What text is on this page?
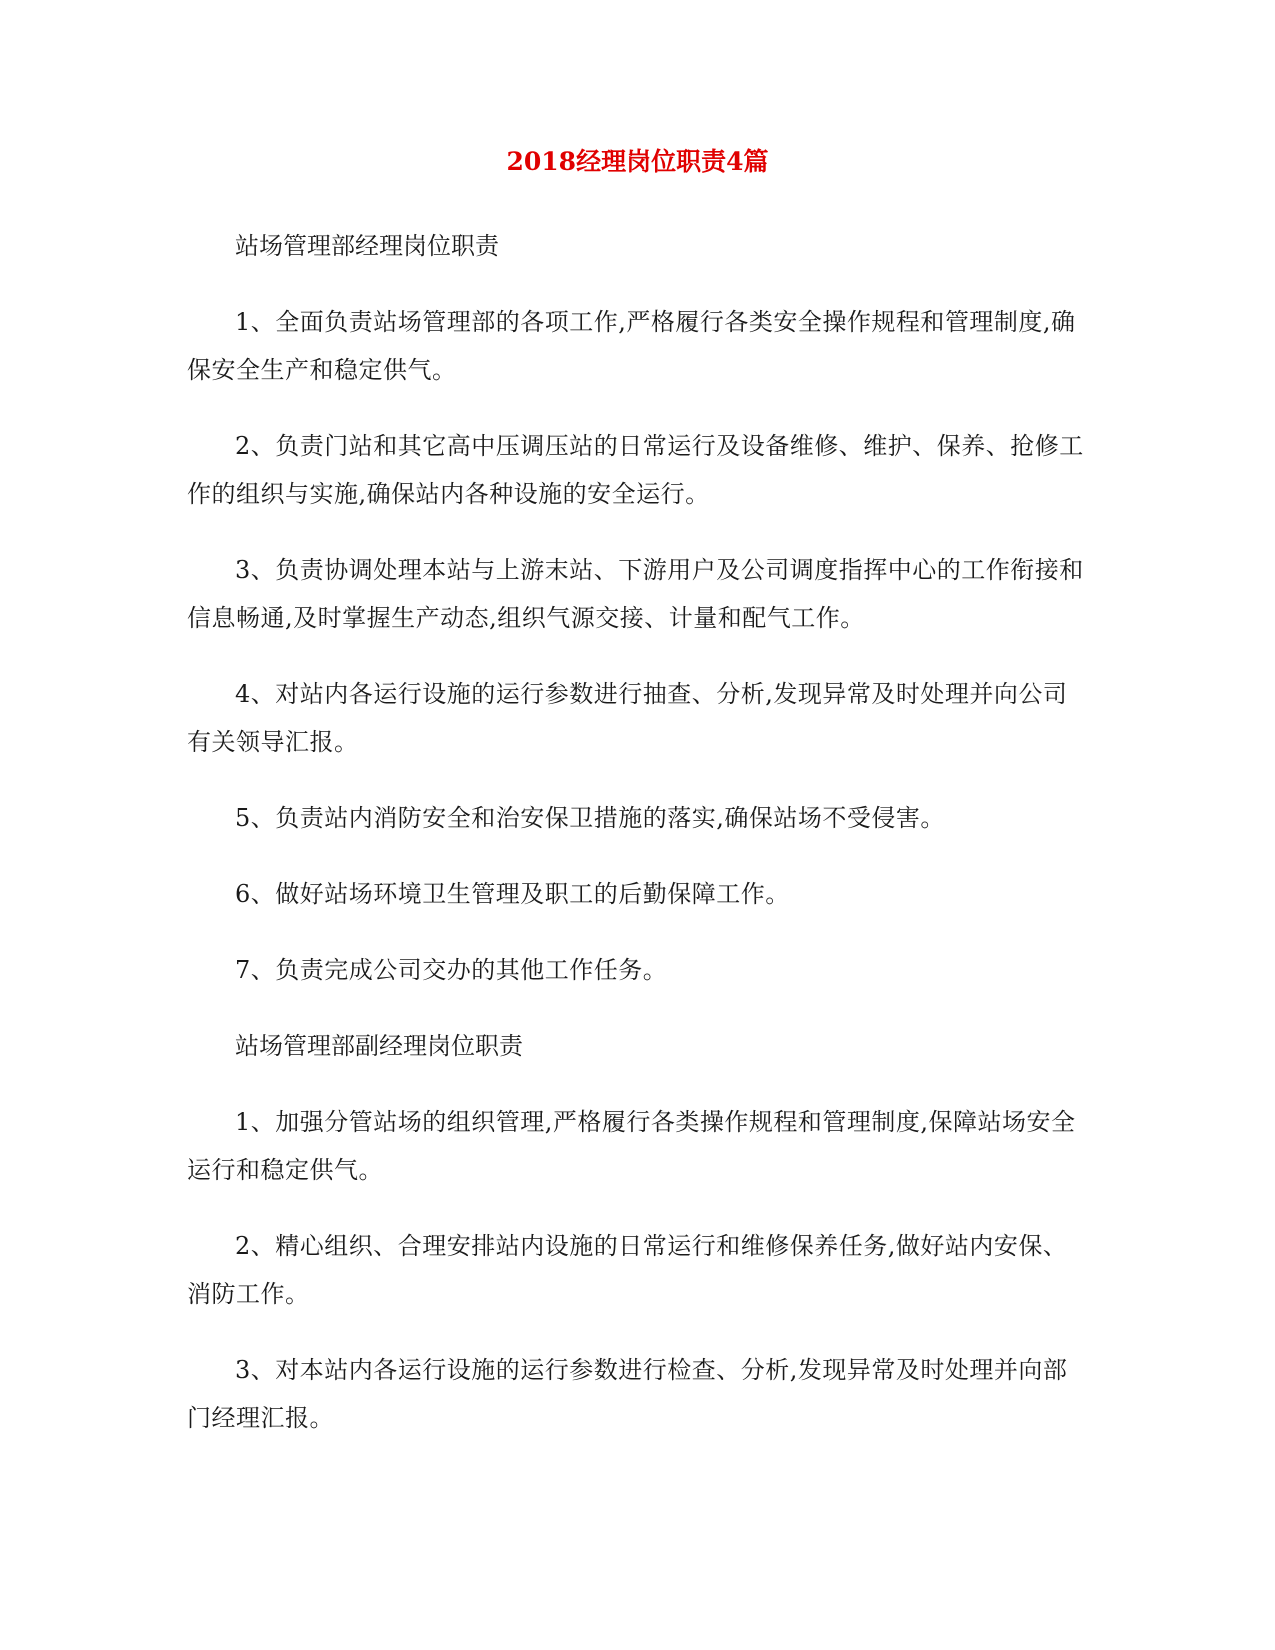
2018经理岗位职责4篇

站场管理部经理岗位职责

1、全面负责站场管理部的各项工作,严格履行各类安全操作规程和管理制度,确保安全生产和稳定供气。

2、负责门站和其它高中压调压站的日常运行及设备维修、维护、保养、抢修工作的组织与实施,确保站内各种设施的安全运行。

3、负责协调处理本站与上游末站、下游用户及公司调度指挥中心的工作衔接和信息畅通,及时掌握生产动态,组织气源交接、计量和配气工作。

4、对站内各运行设施的运行参数进行抽查、分析,发现异常及时处理并向公司有关领导汇报。

5、负责站内消防安全和治安保卫措施的落实,确保站场不受侵害。

6、做好站场环境卫生管理及职工的后勤保障工作。

7、负责完成公司交办的其他工作任务。

站场管理部副经理岗位职责

1、加强分管站场的组织管理,严格履行各类操作规程和管理制度,保障站场安全运行和稳定供气。

2、精心组织、合理安排站内设施的日常运行和维修保养任务,做好站内安保、消防工作。

3、对本站内各运行设施的运行参数进行检查、分析,发现异常及时处理并向部门经理汇报。
